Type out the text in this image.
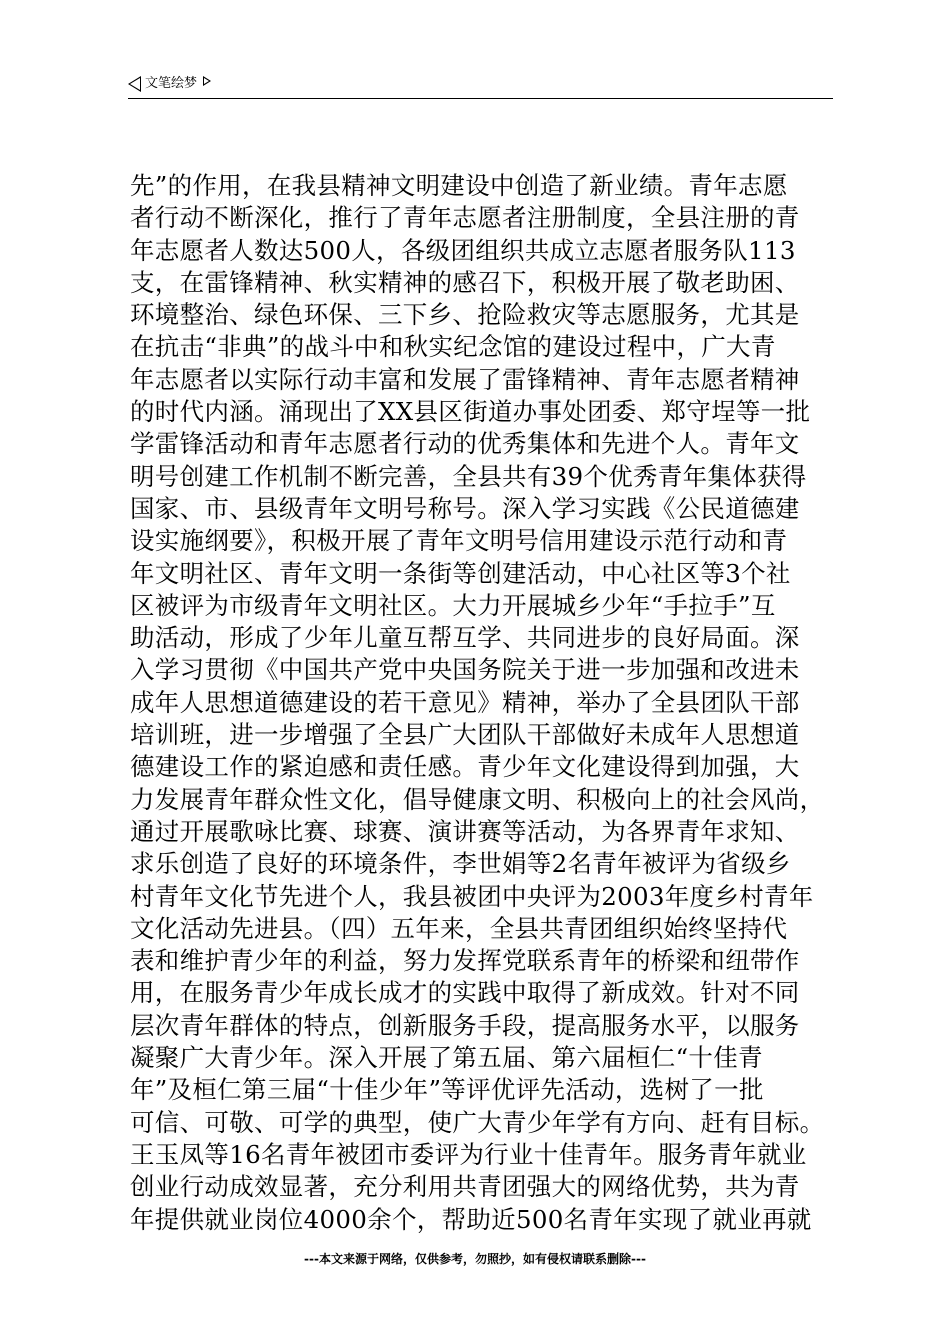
文笔绘梦
先”的作用，在我县精神文明建设中创造了新业绩。青年志愿
者行动不断深化，推行了青年志愿者注册制度，全县注册的青
年志愿者人数达500人，各级团组织共成立志愿者服务队113
支，在雷锋精神、秋实精神的感召下，积极开展了敬老助困、
环境整治、绿色环保、三下乡、抢险救灾等志愿服务，尤其是
在抗击“非典”的战斗中和秋实纪念馆的建设过程中，广大青
年志愿者以实际行动丰富和发展了雷锋精神、青年志愿者精神
的时代内涵。涌现出了XX县区街道办事处团委、郑守埕等一批
学雷锋活动和青年志愿者行动的优秀集体和先进个人。青年文
明号创建工作机制不断完善，全县共有39个优秀青年集体获得
国家、市、县级青年文明号称号。深入学习实践《公民道德建
设实施纲要》，积极开展了青年文明号信用建设示范行动和青
年文明社区、青年文明一条街等创建活动，中心社区等3个社
区被评为市级青年文明社区。大力开展城乡少年“手拉手”互
助活动，形成了少年儿童互帮互学、共同进步的良好局面。深
入学习贯彻《中国共产党中央国务院关于进一步加强和改进未
成年人思想道德建设的若干意见》精神，举办了全县团队干部
培训班，进一步增强了全县广大团队干部做好未成年人思想道
德建设工作的紧迫感和责任感。青少年文化建设得到加强，大
力发展青年群众性文化，倡导健康文明、积极向上的社会风尚，
通过开展歌咏比赛、球赛、演讲赛等活动，为各界青年求知、
求乐创造了良好的环境条件，李世娟等2名青年被评为省级乡
村青年文化节先进个人，我县被团中央评为2003年度乡村青年
文化活动先进县。（四）五年来，全县共青团组织始终坚持代
表和维护青少年的利益，努力发挥党联系青年的桥梁和纽带作
用，在服务青少年成长成才的实践中取得了新成效。针对不同
层次青年群体的特点，创新服务手段，提高服务水平，以服务
凝聚广大青少年。深入开展了第五届、第六届桓仁“十佳青
年”及桓仁第三届“十佳少年”等评优评先活动，选树了一批
可信、可敬、可学的典型，使广大青少年学有方向、赶有目标。
王玉凤等16名青年被团市委评为行业十佳青年。服务青年就业
创业行动成效显著，充分利用共青团强大的网络优势，共为青
年提供就业岗位4000余个，帮助近500名青年实现了就业再就
---本文来源于网络，仅供参考，勿照抄，如有侵权请联系删除---
